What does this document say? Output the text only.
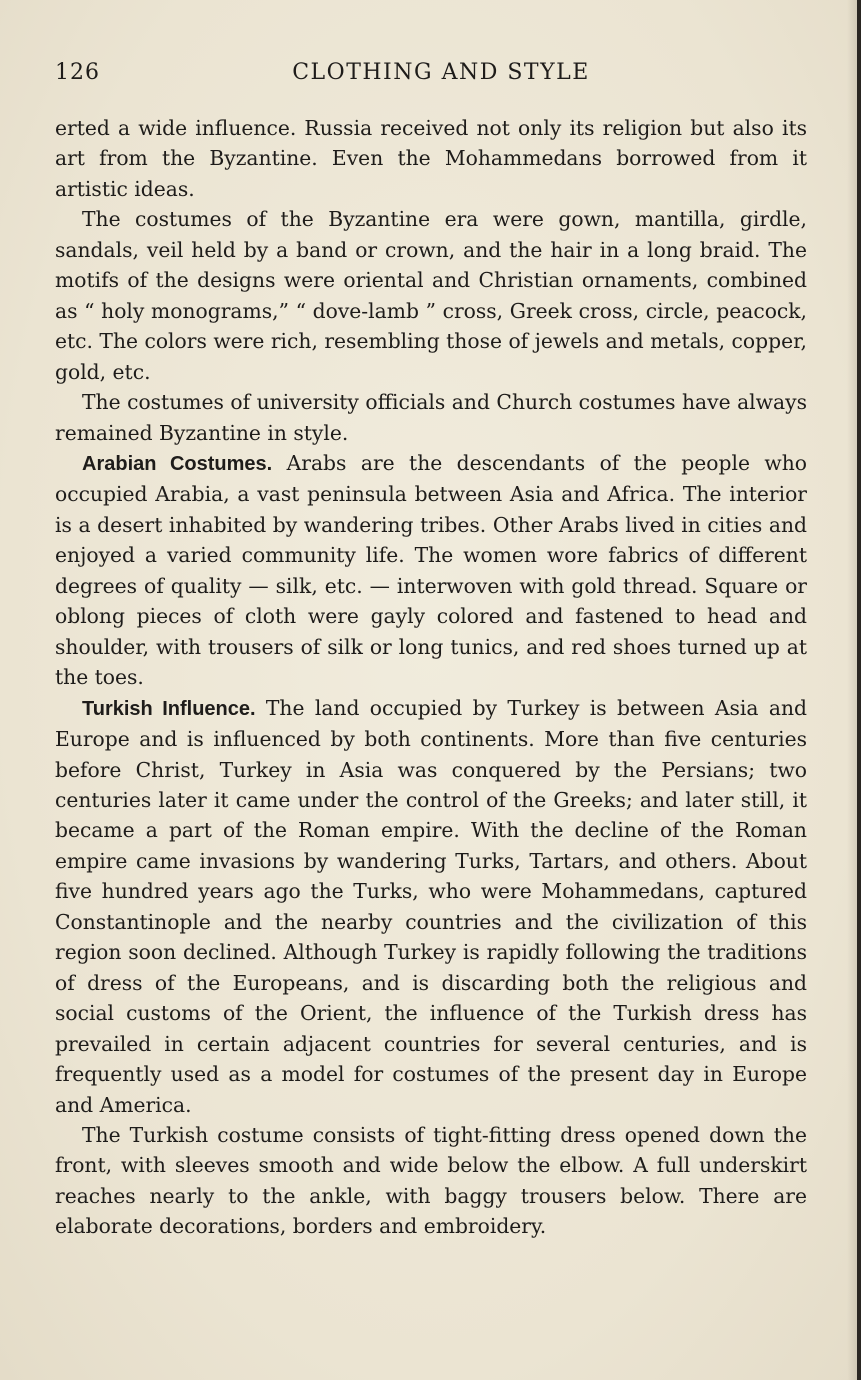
126	CLOTHING AND STYLE

erted a wide influence. Russia received not only its religion but also its art from the Byzantine. Even the Mohammedans borrowed from it artistic ideas.

The costumes of the Byzantine era were gown, mantilla, girdle, sandals, veil held by a band or crown, and the hair in a long braid. The motifs of the designs were oriental and Christian ornaments, combined as “ holy monograms,” “ dove-lamb ” cross, Greek cross, circle, peacock, etc. The colors were rich, resembling those of jewels and metals, copper, gold, etc.

The costumes of university officials and Church costumes have always remained Byzantine in style.

Arabian Costumes. Arabs are the descendants of the people who occupied Arabia, a vast peninsula between Asia and Africa. The interior is a desert inhabited by wandering tribes. Other Arabs lived in cities and enjoyed a varied community life. The women wore fabrics of different degrees of quality — silk, etc. — interwoven with gold thread. Square or oblong pieces of cloth were gayly colored and fastened to head and shoulder, with trousers of silk or long tunics, and red shoes turned up at the toes.

Turkish Influence. The land occupied by Turkey is between Asia and Europe and is influenced by both continents. More than five centuries before Christ, Turkey in Asia was conquered by the Persians; two centuries later it came under the control of the Greeks; and later still, it became a part of the Roman empire. With the decline of the Roman empire came invasions by wandering Turks, Tartars, and others. About five hundred years ago the Turks, who were Mohammedans, captured Constantinople and the nearby countries and the civilization of this region soon declined. Although Turkey is rapidly following the traditions of dress of the Europeans, and is discarding both the religious and social customs of the Orient, the influence of the Turkish dress has prevailed in certain adjacent countries for several centuries, and is frequently used as a model for costumes of the present day in Europe and America.

The Turkish costume consists of tight-fitting dress opened down the front, with sleeves smooth and wide below the elbow. A full underskirt reaches nearly to the ankle, with baggy trousers below. There are elaborate decorations, borders and embroidery.
